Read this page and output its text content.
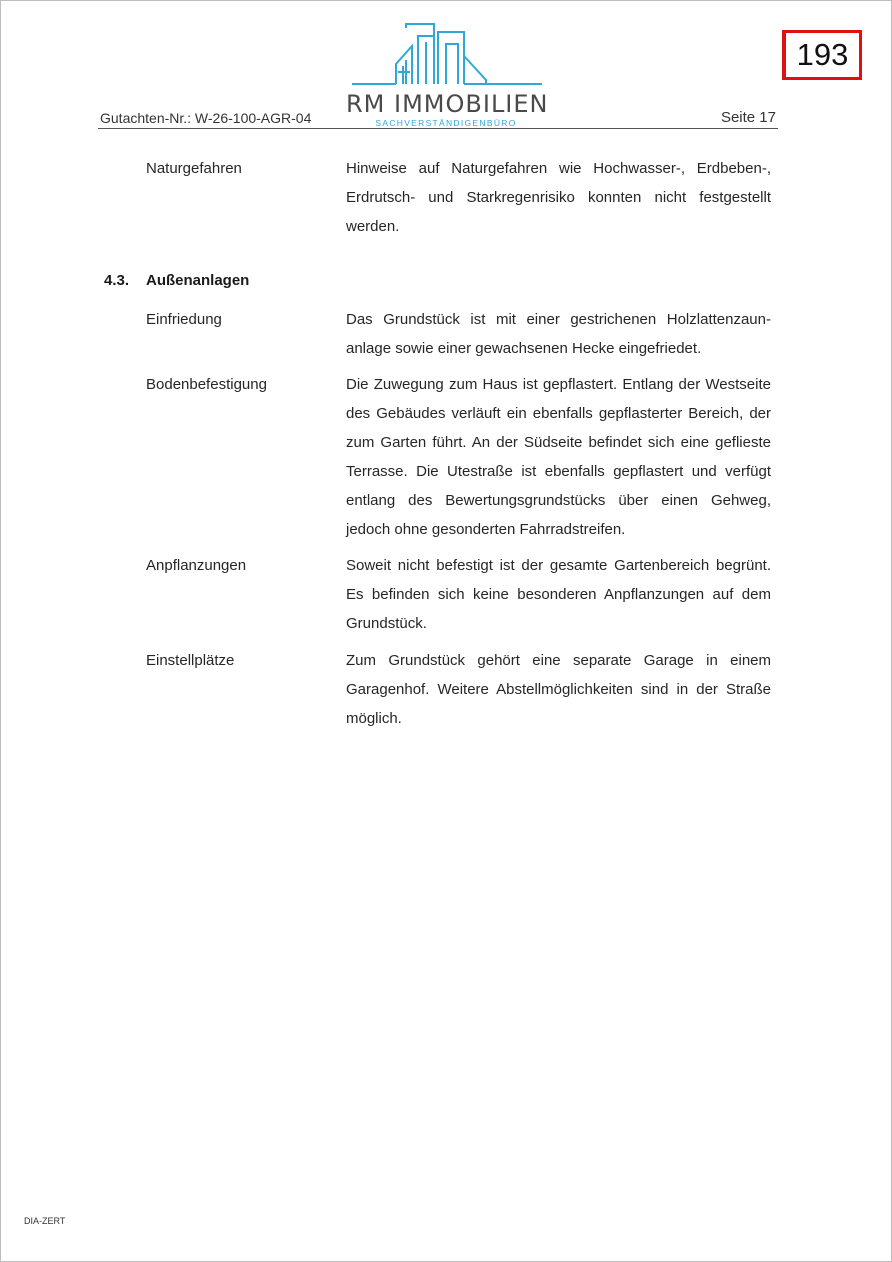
193
RM IMMOBILIEN
SACHVERSTÄNDIGENBÜRO
Gutachten-Nr.: W-26-100-AGR-04	Seite 17
Naturgefahren	Hinweise auf Naturgefahren wie Hochwasser-, Erdbeben-, Erdrutsch- und Starkregenrisiko konnten nicht festgestellt werden.
4.3. Außenanlagen
Einfriedung	Das Grundstück ist mit einer gestrichenen Holzlattenzaunanlage sowie einer gewachsenen Hecke eingefriedet.
Bodenbefestigung	Die Zuwegung zum Haus ist gepflastert. Entlang der Westseite des Gebäudes verläuft ein ebenfalls gepflasterter Bereich, der zum Garten führt. An der Südseite befindet sich eine geflieste Terrasse. Die Utestraße ist ebenfalls gepflastert und verfügt entlang des Bewertungsgrundstücks über einen Gehweg, jedoch ohne gesonderten Fahrradstreifen.
Anpflanzungen	Soweit nicht befestigt ist der gesamte Gartenbereich begrünt. Es befinden sich keine besonderen Anpflanzungen auf dem Grundstück.
Einstellplätze	Zum Grundstück gehört eine separate Garage in einem Garagenhof. Weitere Abstellmöglichkeiten sind in der Straße möglich.
DIA-ZERT
